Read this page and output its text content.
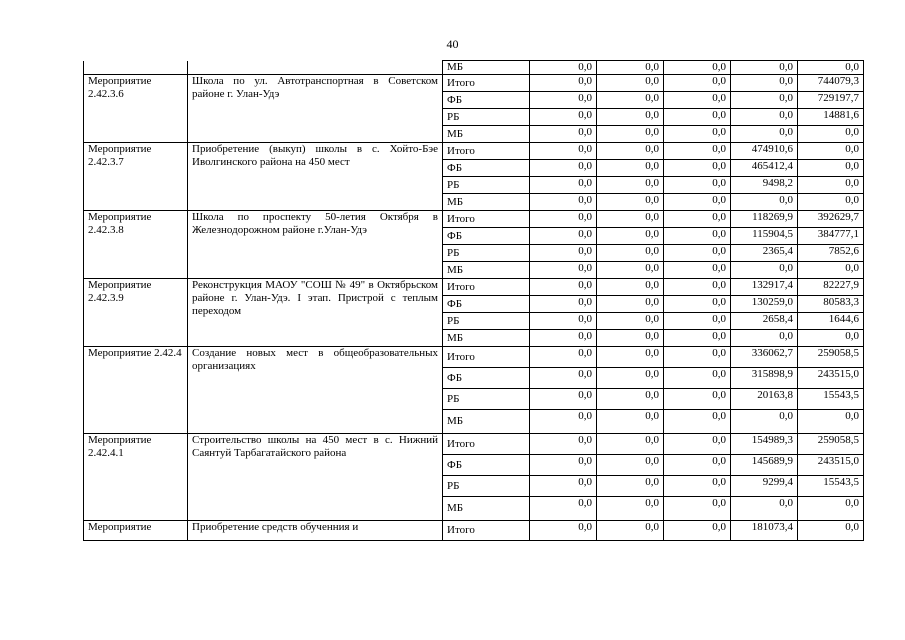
40
		МБ	0,0	0,0	0,0	0,0	0,0
Мероприятие 2.42.3.6	Школа по ул. Автотранспортная в Советском районе г. Улан-Удэ	Итого	0,0	0,0	0,0	0,0	744079,3
		ФБ	0,0	0,0	0,0	0,0	729197,7
		РБ	0,0	0,0	0,0	0,0	14881,6
		МБ	0,0	0,0	0,0	0,0	0,0
Мероприятие 2.42.3.7	Приобретение (выкуп) школы в с. Хойто-Бэе Иволгинского района на 450 мест	Итого	0,0	0,0	0,0	474910,6	0,0
		ФБ	0,0	0,0	0,0	465412,4	0,0
		РБ	0,0	0,0	0,0	9498,2	0,0
		МБ	0,0	0,0	0,0	0,0	0,0
Мероприятие 2.42.3.8	Школа по проспекту 50-летия Октября в Железнодорожном районе г.Улан-Удэ	Итого	0,0	0,0	0,0	118269,9	392629,7
		ФБ	0,0	0,0	0,0	115904,5	384777,1
		РБ	0,0	0,0	0,0	2365,4	7852,6
		МБ	0,0	0,0	0,0	0,0	0,0
Мероприятие 2.42.3.9	Реконструкция МАОУ "СОШ № 49" в Октябрьском районе г. Улан-Удэ. I этап. Пристрой с теплым переходом	Итого	0,0	0,0	0,0	132917,4	82227,9
		ФБ	0,0	0,0	0,0	130259,0	80583,3
		РБ	0,0	0,0	0,0	2658,4	1644,6
		МБ	0,0	0,0	0,0	0,0	0,0
Мероприятие 2.42.4	Создание новых мест в общеобразовательных организациях	Итого	0,0	0,0	0,0	336062,7	259058,5
		ФБ	0,0	0,0	0,0	315898,9	243515,0
		РБ	0,0	0,0	0,0	20163,8	15543,5
		МБ	0,0	0,0	0,0	0,0	0,0
Мероприятие 2.42.4.1	Строительство школы на 450 мест в с. Нижний Саянтуй Тарбагатайского района	Итого	0,0	0,0	0,0	154989,3	259058,5
		ФБ	0,0	0,0	0,0	145689,9	243515,0
		РБ	0,0	0,0	0,0	9299,4	15543,5
		МБ	0,0	0,0	0,0	0,0	0,0
Мероприятие	Приобретение средств обученния и	Итого	0,0	0,0	0,0	181073,4	0,0
